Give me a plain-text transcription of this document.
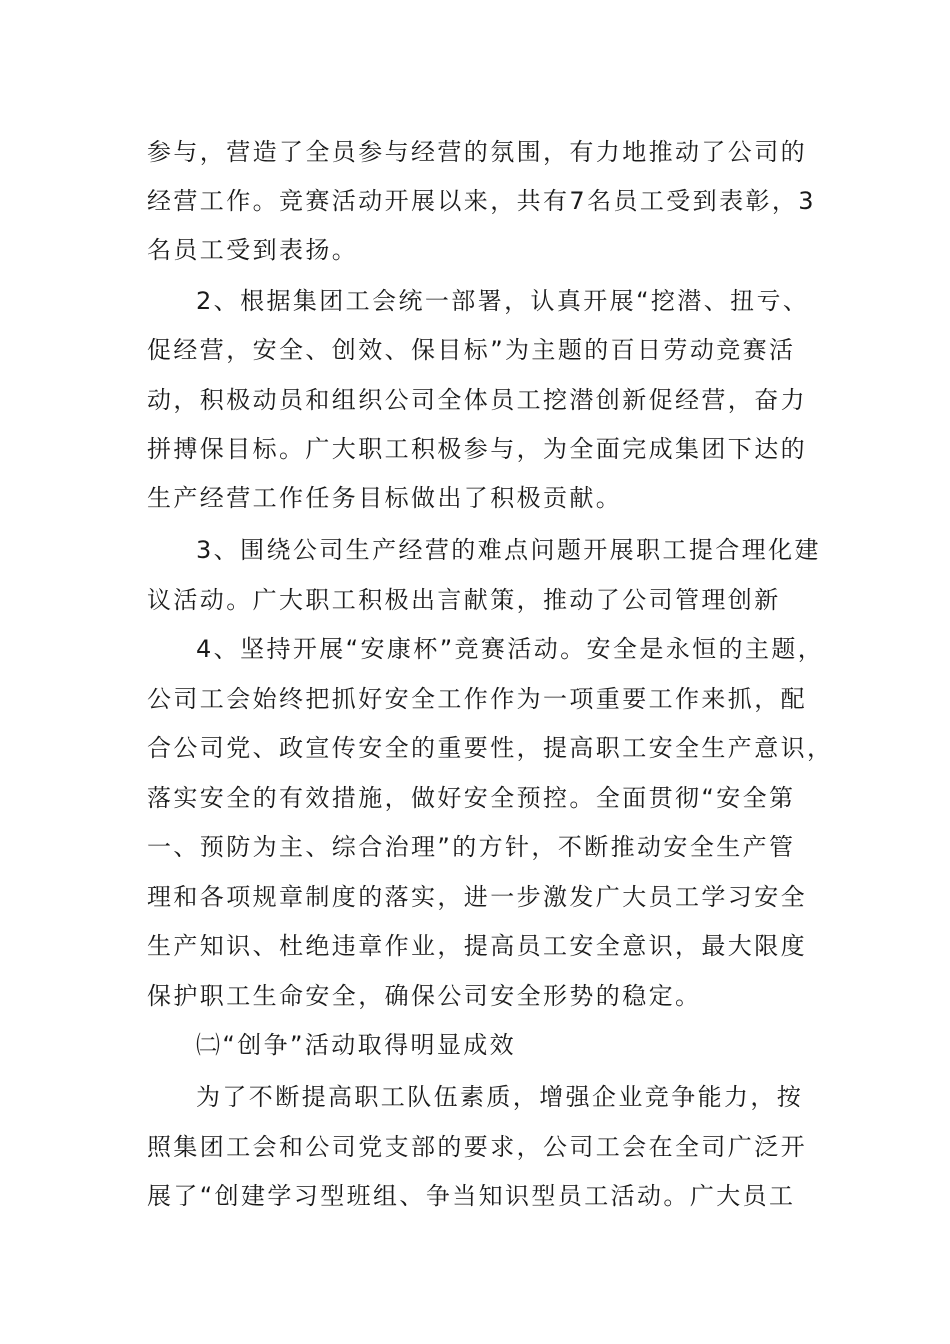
参与，营造了全员参与经营的氛围，有力地推动了公司的
经营工作。竞赛活动开展以来，共有7名员工受到表彰，3
名员工受到表扬。
2、根据集团工会统一部署，认真开展“挖潜、扭亏、
促经营，安全、创效、保目标”为主题的百日劳动竞赛活
动，积极动员和组织公司全体员工挖潜创新促经营，奋力
拼搏保目标。广大职工积极参与，为全面完成集团下达的
生产经营工作任务目标做出了积极贡献。
3、围绕公司生产经营的难点问题开展职工提合理化建
议活动。广大职工积极出言献策，推动了公司管理创新
4、坚持开展“安康杯”竞赛活动。安全是永恒的主题，
公司工会始终把抓好安全工作作为一项重要工作来抓，配
合公司党、政宣传安全的重要性，提高职工安全生产意识，
落实安全的有效措施，做好安全预控。全面贯彻“安全第
一、预防为主、综合治理”的方针，不断推动安全生产管
理和各项规章制度的落实，进一步激发广大员工学习安全
生产知识、杜绝违章作业，提高员工安全意识，最大限度
保护职工生命安全，确保公司安全形势的稳定。
㈡“创争”活动取得明显成效
为了不断提高职工队伍素质，增强企业竞争能力，按
照集团工会和公司党支部的要求，公司工会在全司广泛开
展了“创建学习型班组、争当知识型员工活动。广大员工
